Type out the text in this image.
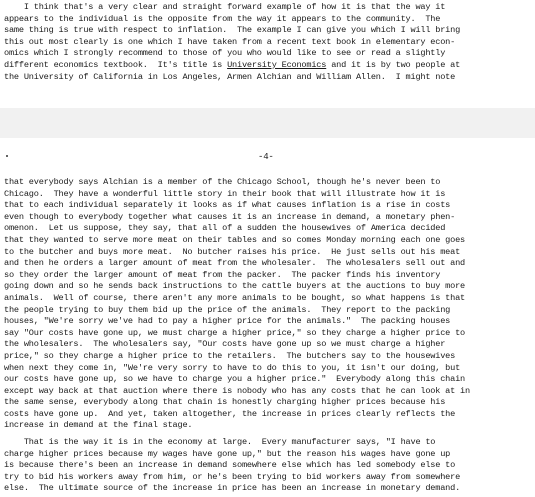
I think that's a very clear and straight forward example of how it is that the way it
appears to the individual is the opposite from the way it appears to the community.  The
same thing is true with respect to inflation.  The example I can give you which I will bring
this out most clearly is one which I have taken from a recent text book in elementary econ-
omics which I strongly recommend to those of you who would like to see or read a slightly
different economics textbook.  It's title is University Economics and it is by two people at
the University of California in Los Angeles, Armen Alchian and William Allen.  I might note
-4-
that everybody says Alchian is a member of the Chicago School, though he's never been to
Chicago.  They have a wonderful little story in their book that will illustrate how it is
that to each individual separately it looks as if what causes inflation is a rise in costs
even though to everybody together what causes it is an increase in demand, a monetary phen-
omenon.  Let us suppose, they say, that all of a sudden the housewives of America decided
that they wanted to serve more meat on their tables and so comes Monday morning each one goes
to the butcher and buys more meat.  No butcher raises his price.  He just sells out his meat
and then he orders a larger amount of meat from the wholesaler.  The wholesalers sell out and
so they order the larger amount of meat from the packer.  The packer finds his inventory
going down and so he sends back instructions to the cattle buyers at the auctions to buy more
animals.  Well of course, there aren't any more animals to be bought, so what happens is that
the people trying to buy them bid up the price of the animals.  They report to the packing
houses, "We're sorry we've had to pay a higher price for the animals."  The packing houses
say "Our costs have gone up, we must charge a higher price," so they charge a higher price to
the wholesalers.  The wholesalers say, "Our costs have gone up so we must charge a higher
price," so they charge a higher price to the retailers.  The butchers say to the housewives
when next they come in, "We're very sorry to have to do this to you, it isn't our doing, but
our costs have gone up, so we have to charge you a higher price."  Everybody along this chain
except way back at that auction where there is nobody who has any costs that he can look at in
the same sense, everybody along that chain is honestly charging higher prices because his
costs have gone up.  And yet, taken altogether, the increase in prices clearly reflects the
increase in demand at the final stage.
That is the way it is in the economy at large.  Every manufacturer says, "I have to
charge higher prices because my wages have gone up," but the reason his wages have gone up
is because there's been an increase in demand somewhere else which has led somebody else to
try to bid his workers away from him, or he's been trying to bid workers away from somewhere
else.  The ultimate source of the increase in price has been an increase in monetary demand.
